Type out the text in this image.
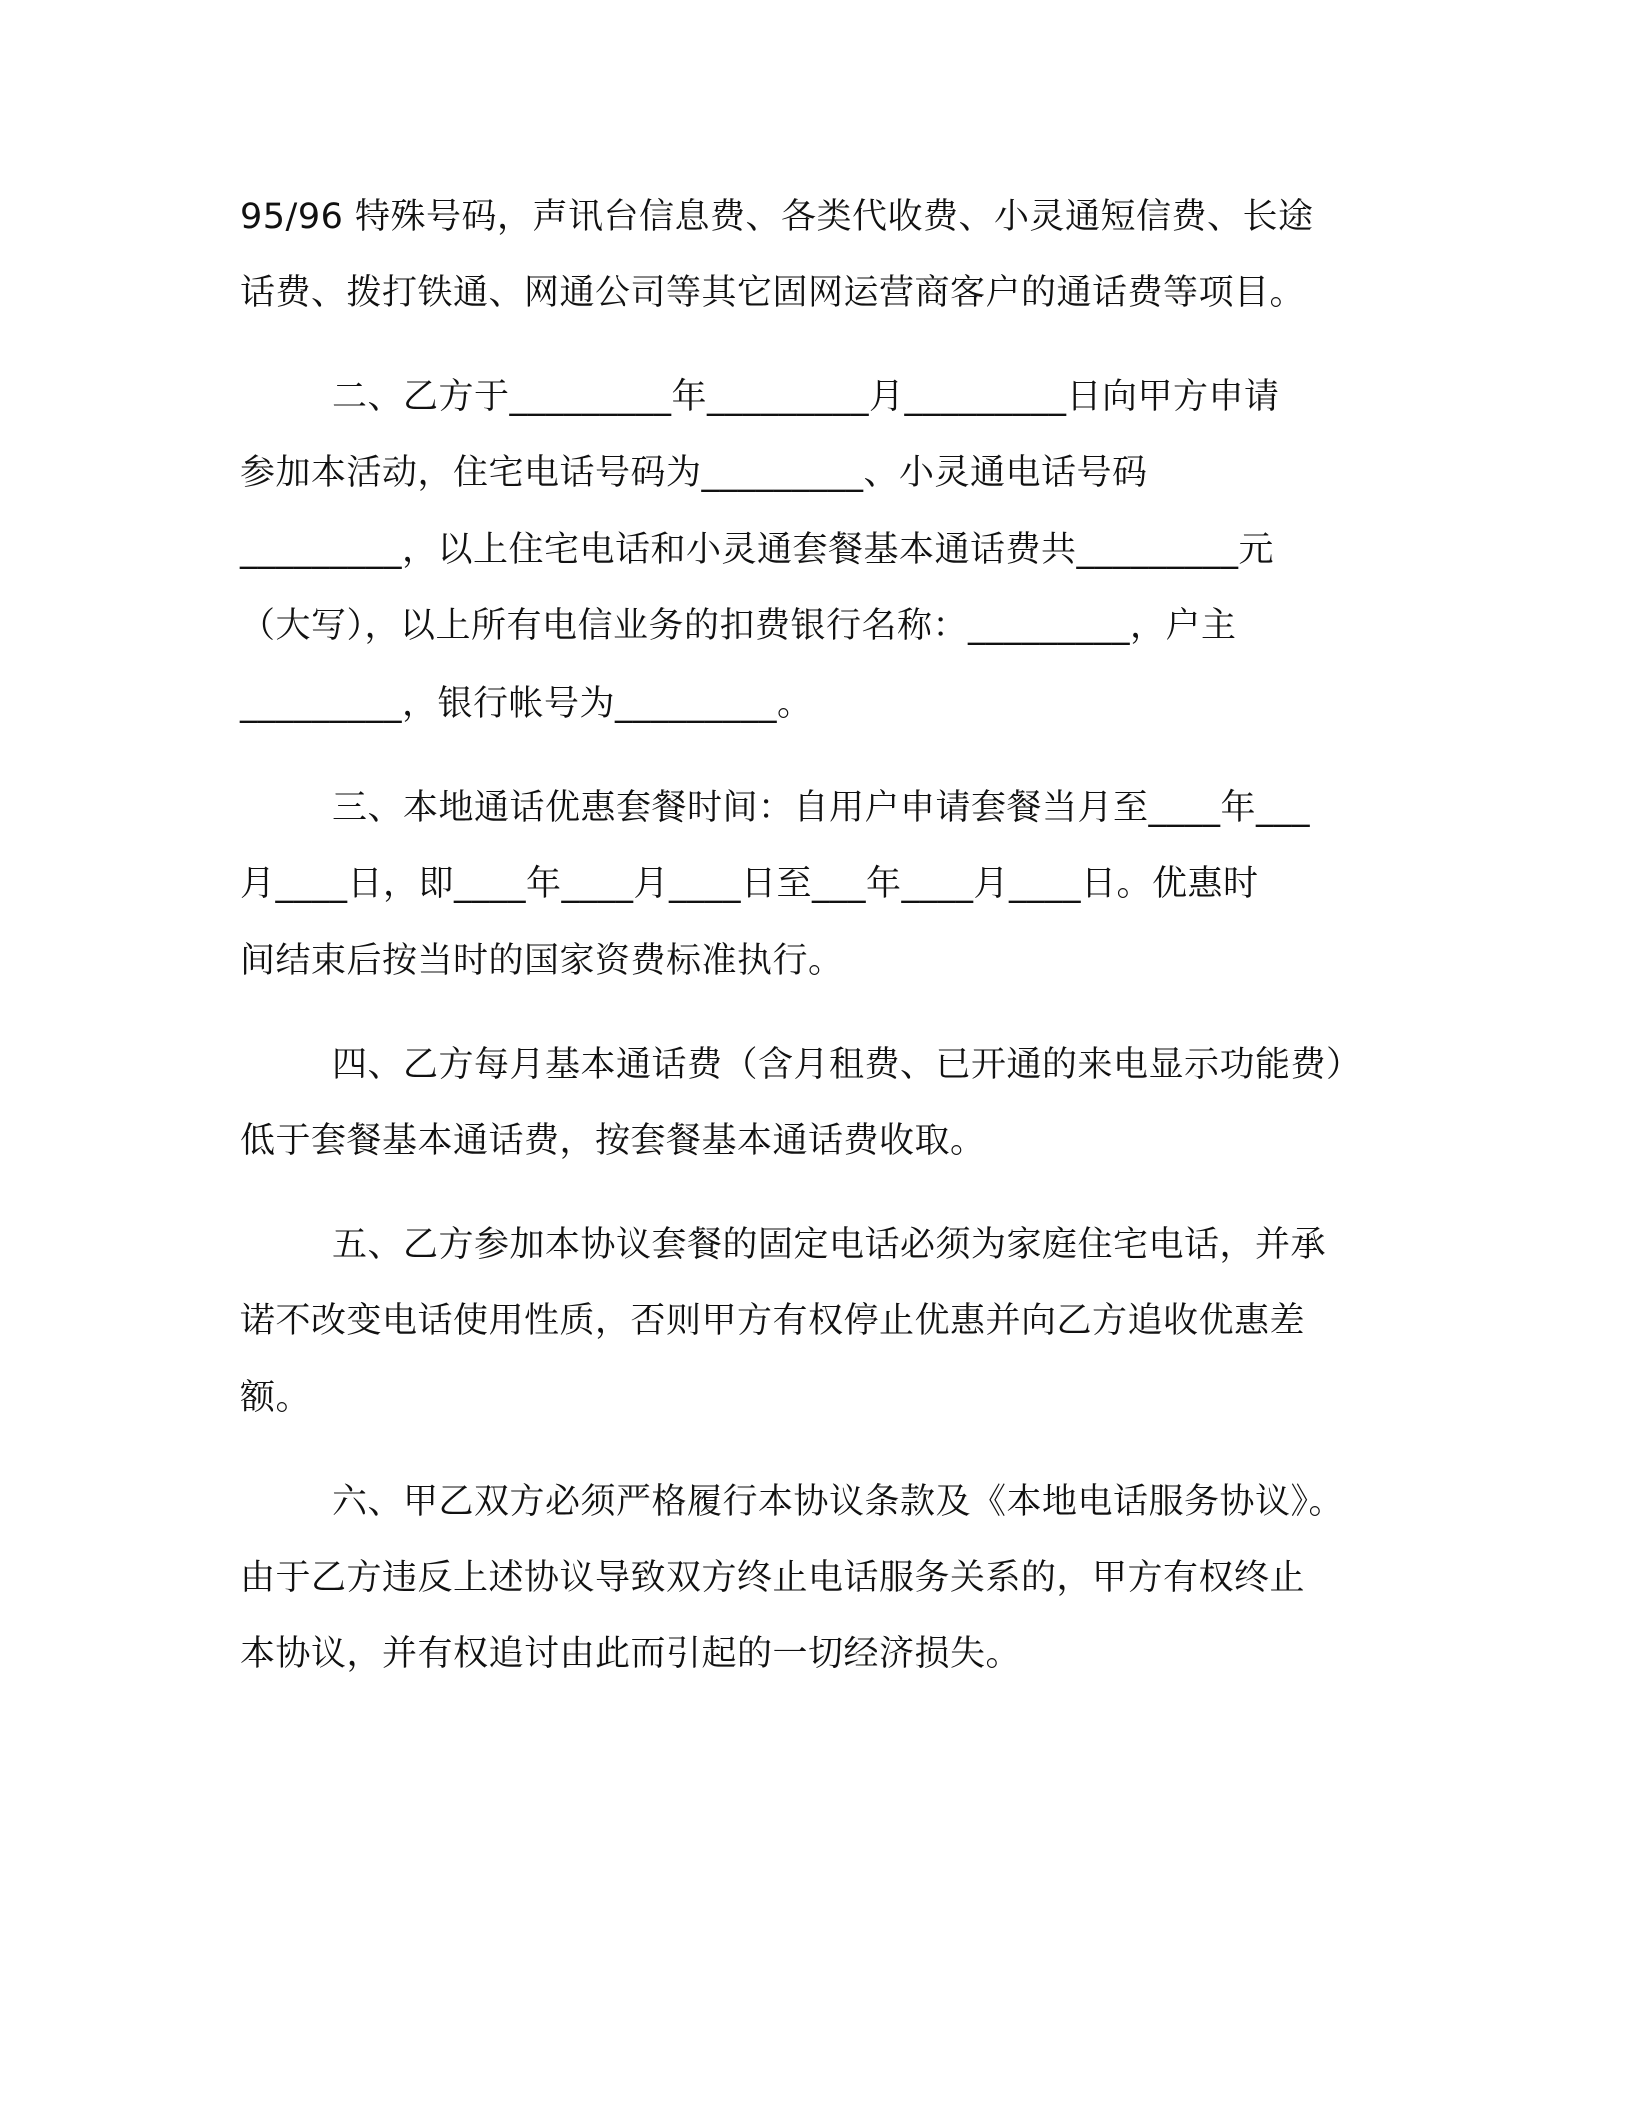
95/96 特殊号码，声讯台信息费、各类代收费、小灵通短信费、长途
话费、拨打铁通、网通公司等其它固网运营商客户的通话费等项目。
二、乙方于_________年_________月_________日向甲方申请
参加本活动，住宅电话号码为_________、小灵通电话号码
_________，以上住宅电话和小灵通套餐基本通话费共_________元
（大写），以上所有电信业务的扣费银行名称：_________，户主
_________，银行帐号为_________。
三、本地通话优惠套餐时间：自用户申请套餐当月至____年___
月____日，即____年____月____日至___年____月____日。优惠时
间结束后按当时的国家资费标准执行。
四、乙方每月基本通话费（含月租费、已开通的来电显示功能费）
低于套餐基本通话费，按套餐基本通话费收取。
五、乙方参加本协议套餐的固定电话必须为家庭住宅电话，并承
诺不改变电话使用性质，否则甲方有权停止优惠并向乙方追收优惠差
额。
六、甲乙双方必须严格履行本协议条款及《本地电话服务协议》。
由于乙方违反上述协议导致双方终止电话服务关系的，甲方有权终止
本协议，并有权追讨由此而引起的一切经济损失。
